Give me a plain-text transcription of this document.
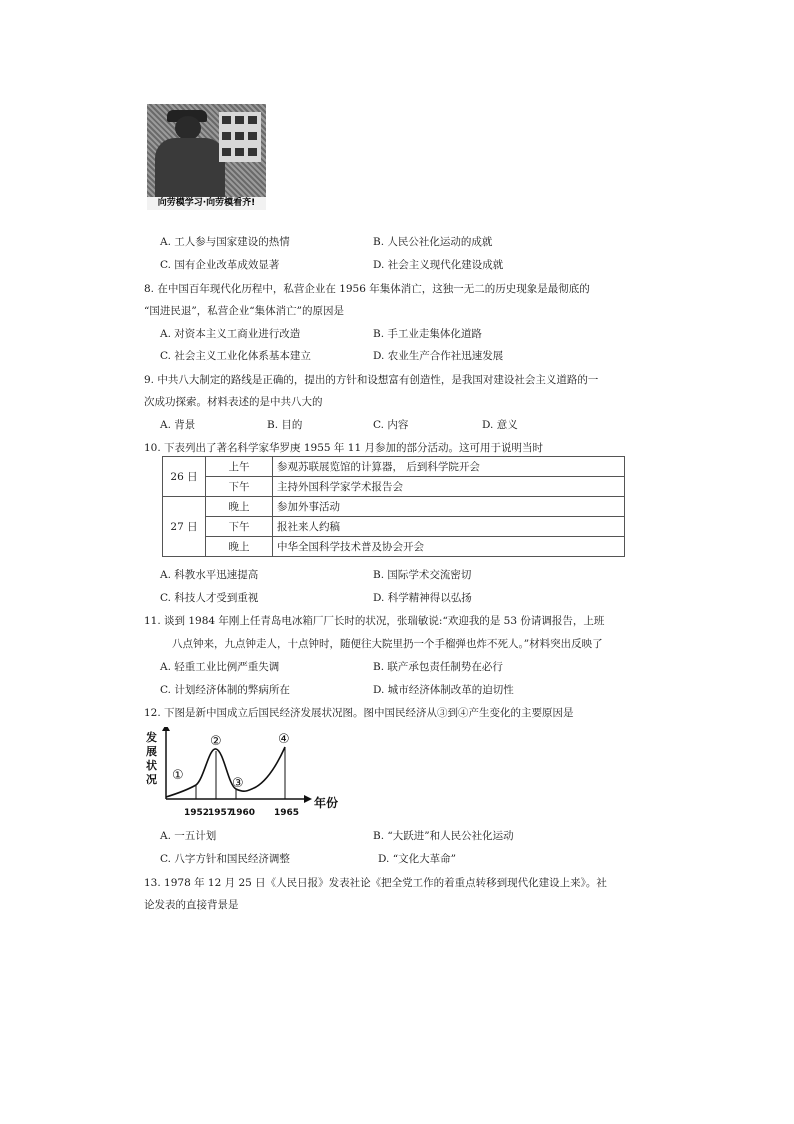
向劳模学习·向劳模看齐!
A. 工人参与国家建设的热情	B. 人民公社化运动的成就
C. 国有企业改革成效显著	D. 社会主义现代化建设成就
8. 在中国百年现代化历程中，私营企业在 1956 年集体消亡，这独一无二的历史现象是最彻底的
“国进民退”，私营企业“集体消亡”的原因是
A. 对资本主义工商业进行改造	B. 手工业走集体化道路
C. 社会主义工业化体系基本建立	D. 农业生产合作社迅速发展
9. 中共八大制定的路线是正确的，提出的方针和设想富有创造性，是我国对建设社会主义道路的一
次成功探索。材料表述的是中共八大的
A. 背景	B. 目的	C. 内容	D. 意义
10. 下表列出了著名科学家华罗庚 1955 年 11 月参加的部分活动。这可用于说明当时
26 日	上午	参观苏联展览馆的计算器， 后到科学院开会
	下午	主持外国科学家学术报告会
27 日	晚上	参加外事活动
	下午	报社来人约稿
	晚上	中华全国科学技术普及协会开会
A. 科教水平迅速提高	B. 国际学术交流密切
C. 科技人才受到重视	D. 科学精神得以弘扬
11. 谈到 1984 年刚上任青岛电冰箱厂厂长时的状况，张瑞敏说:“欢迎我的是 53 份请调报告，上班
八点钟来，九点钟走人，十点钟时，随便往大院里扔一个手榴弹也炸不死人。”材料突出反映了
A. 轻重工业比例严重失调	B. 联产承包责任制势在必行
C. 计划经济体制的弊病所在	D. 城市经济体制改革的迫切性
12. 下图是新中国成立后国民经济发展状况图。图中国民经济从③到④产生变化的主要原因是
发
展
状
况 ①
②
③
④
1952
1957
1960 1965
年份
A. 一五计划	B. “大跃进”和人民公社化运动
C. 八字方针和国民经济调整	D. “文化大革命”
13. 1978 年 12 月 25 日《人民日报》发表社论《把全党工作的着重点转移到现代化建设上来》。社
论发表的直接背景是
